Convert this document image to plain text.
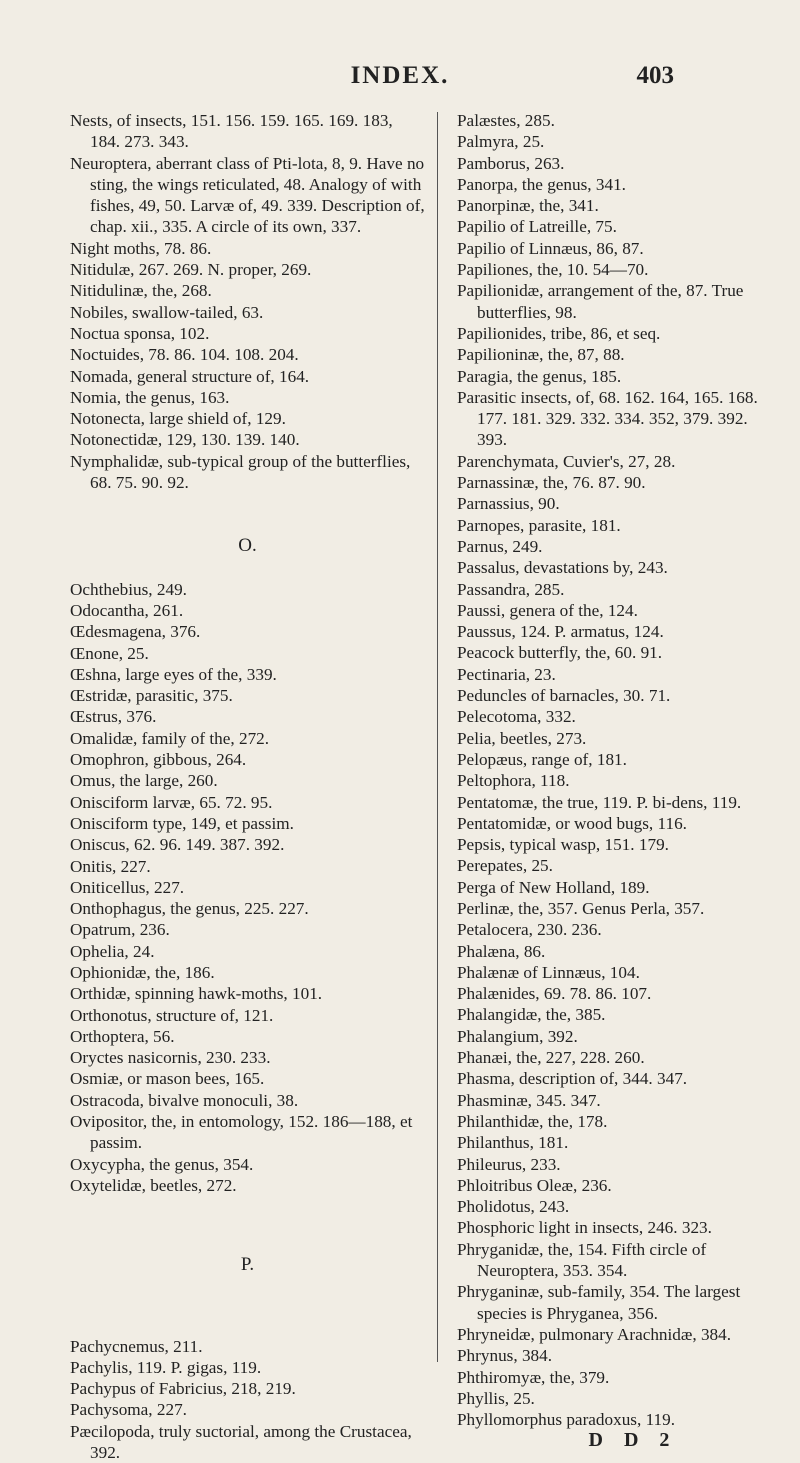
INDEX.	403

Nests, of insects, 151. 156. 159. 165. 169. 183, 184. 273. 343.

Neuroptera, aberrant class of Pti-lota, 8, 9. Have no sting, the wings reticulated, 48. Analogy of with fishes, 49, 50. Larvæ of, 49. 339. Description of, chap. xii., 335. A circle of its own, 337.

Night moths, 78. 86.

Nitidulæ, 267. 269. N. proper, 269.

Nitidulinæ, the, 268.

Nobiles, swallow-tailed, 63.

Noctua sponsa, 102.

Noctuides, 78. 86. 104. 108. 204.

Nomada, general structure of, 164.

Nomia, the genus, 163.

Notonecta, large shield of, 129.

Notonectidæ, 129, 130. 139. 140.

Nymphalidæ, sub-typical group of the butterflies, 68. 75. 90. 92.

O.

Ochthebius, 249.

Odocantha, 261.

Œdesmagena, 376.

Œnone, 25.

Œshna, large eyes of the, 339.

Œstridæ, parasitic, 375.

Œstrus, 376.

Omalidæ, family of the, 272.

Omophron, gibbous, 264.

Omus, the large, 260.

Onisciform larvæ, 65. 72. 95.

Onisciform type, 149, et passim.

Oniscus, 62. 96. 149. 387. 392.

Onitis, 227.

Oniticellus, 227.

Onthophagus, the genus, 225. 227.

Opatrum, 236.

Ophelia, 24.

Ophionidæ, the, 186.

Orthidæ, spinning hawk-moths, 101.

Orthonotus, structure of, 121.

Orthoptera, 56.

Oryctes nasicornis, 230. 233.

Osmiæ, or mason bees, 165.

Ostracoda, bivalve monoculi, 38.

Ovipositor, the, in entomology, 152. 186—188, et passim.

Oxycypha, the genus, 354.

Oxytelidæ, beetles, 272.

P.

Pachycnemus, 211.

Pachylis, 119. P. gigas, 119.

Pachypus of Fabricius, 218, 219.

Pachysoma, 227.

Pæcilopoda, truly suctorial, among the Crustacea, 392.

Palæstes, 285.

Palmyra, 25.

Pamborus, 263.

Panorpa, the genus, 341.

Panorpinæ, the, 341.

Papilio of Latreille, 75.

Papilio of Linnæus, 86, 87.

Papiliones, the, 10. 54—70.

Papilionidæ, arrangement of the, 87. True butterflies, 98.

Papilionides, tribe, 86, et seq.

Papilioninæ, the, 87, 88.

Paragia, the genus, 185.

Parasitic insects, of, 68. 162. 164, 165. 168. 177. 181. 329. 332. 334. 352, 379. 392. 393.

Parenchymata, Cuvier's, 27, 28.

Parnassinæ, the, 76. 87. 90.

Parnassius, 90.

Parnopes, parasite, 181.

Parnus, 249.

Passalus, devastations by, 243.

Passandra, 285.

Paussi, genera of the, 124.

Paussus, 124. P. armatus, 124.

Peacock butterfly, the, 60. 91.

Pectinaria, 23.

Peduncles of barnacles, 30. 71.

Pelecotoma, 332.

Pelia, beetles, 273.

Pelopæus, range of, 181.

Peltophora, 118.

Pentatomæ, the true, 119. P. bi-dens, 119.

Pentatomidæ, or wood bugs, 116.

Pepsis, typical wasp, 151. 179.

Perepates, 25.

Perga of New Holland, 189.

Perlinæ, the, 357. Genus Perla, 357.

Petalocera, 230. 236.

Phalæna, 86.

Phalænæ of Linnæus, 104.

Phalænides, 69. 78. 86. 107.

Phalangidæ, the, 385.

Phalangium, 392.

Phanæi, the, 227, 228. 260.

Phasma, description of, 344. 347.

Phasminæ, 345. 347.

Philanthidæ, the, 178.

Philanthus, 181.

Phileurus, 233.

Phloitribus Oleæ, 236.

Pholidotus, 243.

Phosphoric light in insects, 246. 323.

Phryganidæ, the, 154. Fifth circle of Neuroptera, 353. 354.

Phryganinæ, sub-family, 354. The largest species is Phryganea, 356.

Phryneidæ, pulmonary Arachnidæ, 384.

Phrynus, 384.

Phthiromyæ, the, 379.

Phyllis, 25.

Phyllomorphus paradoxus, 119.

D D 2
